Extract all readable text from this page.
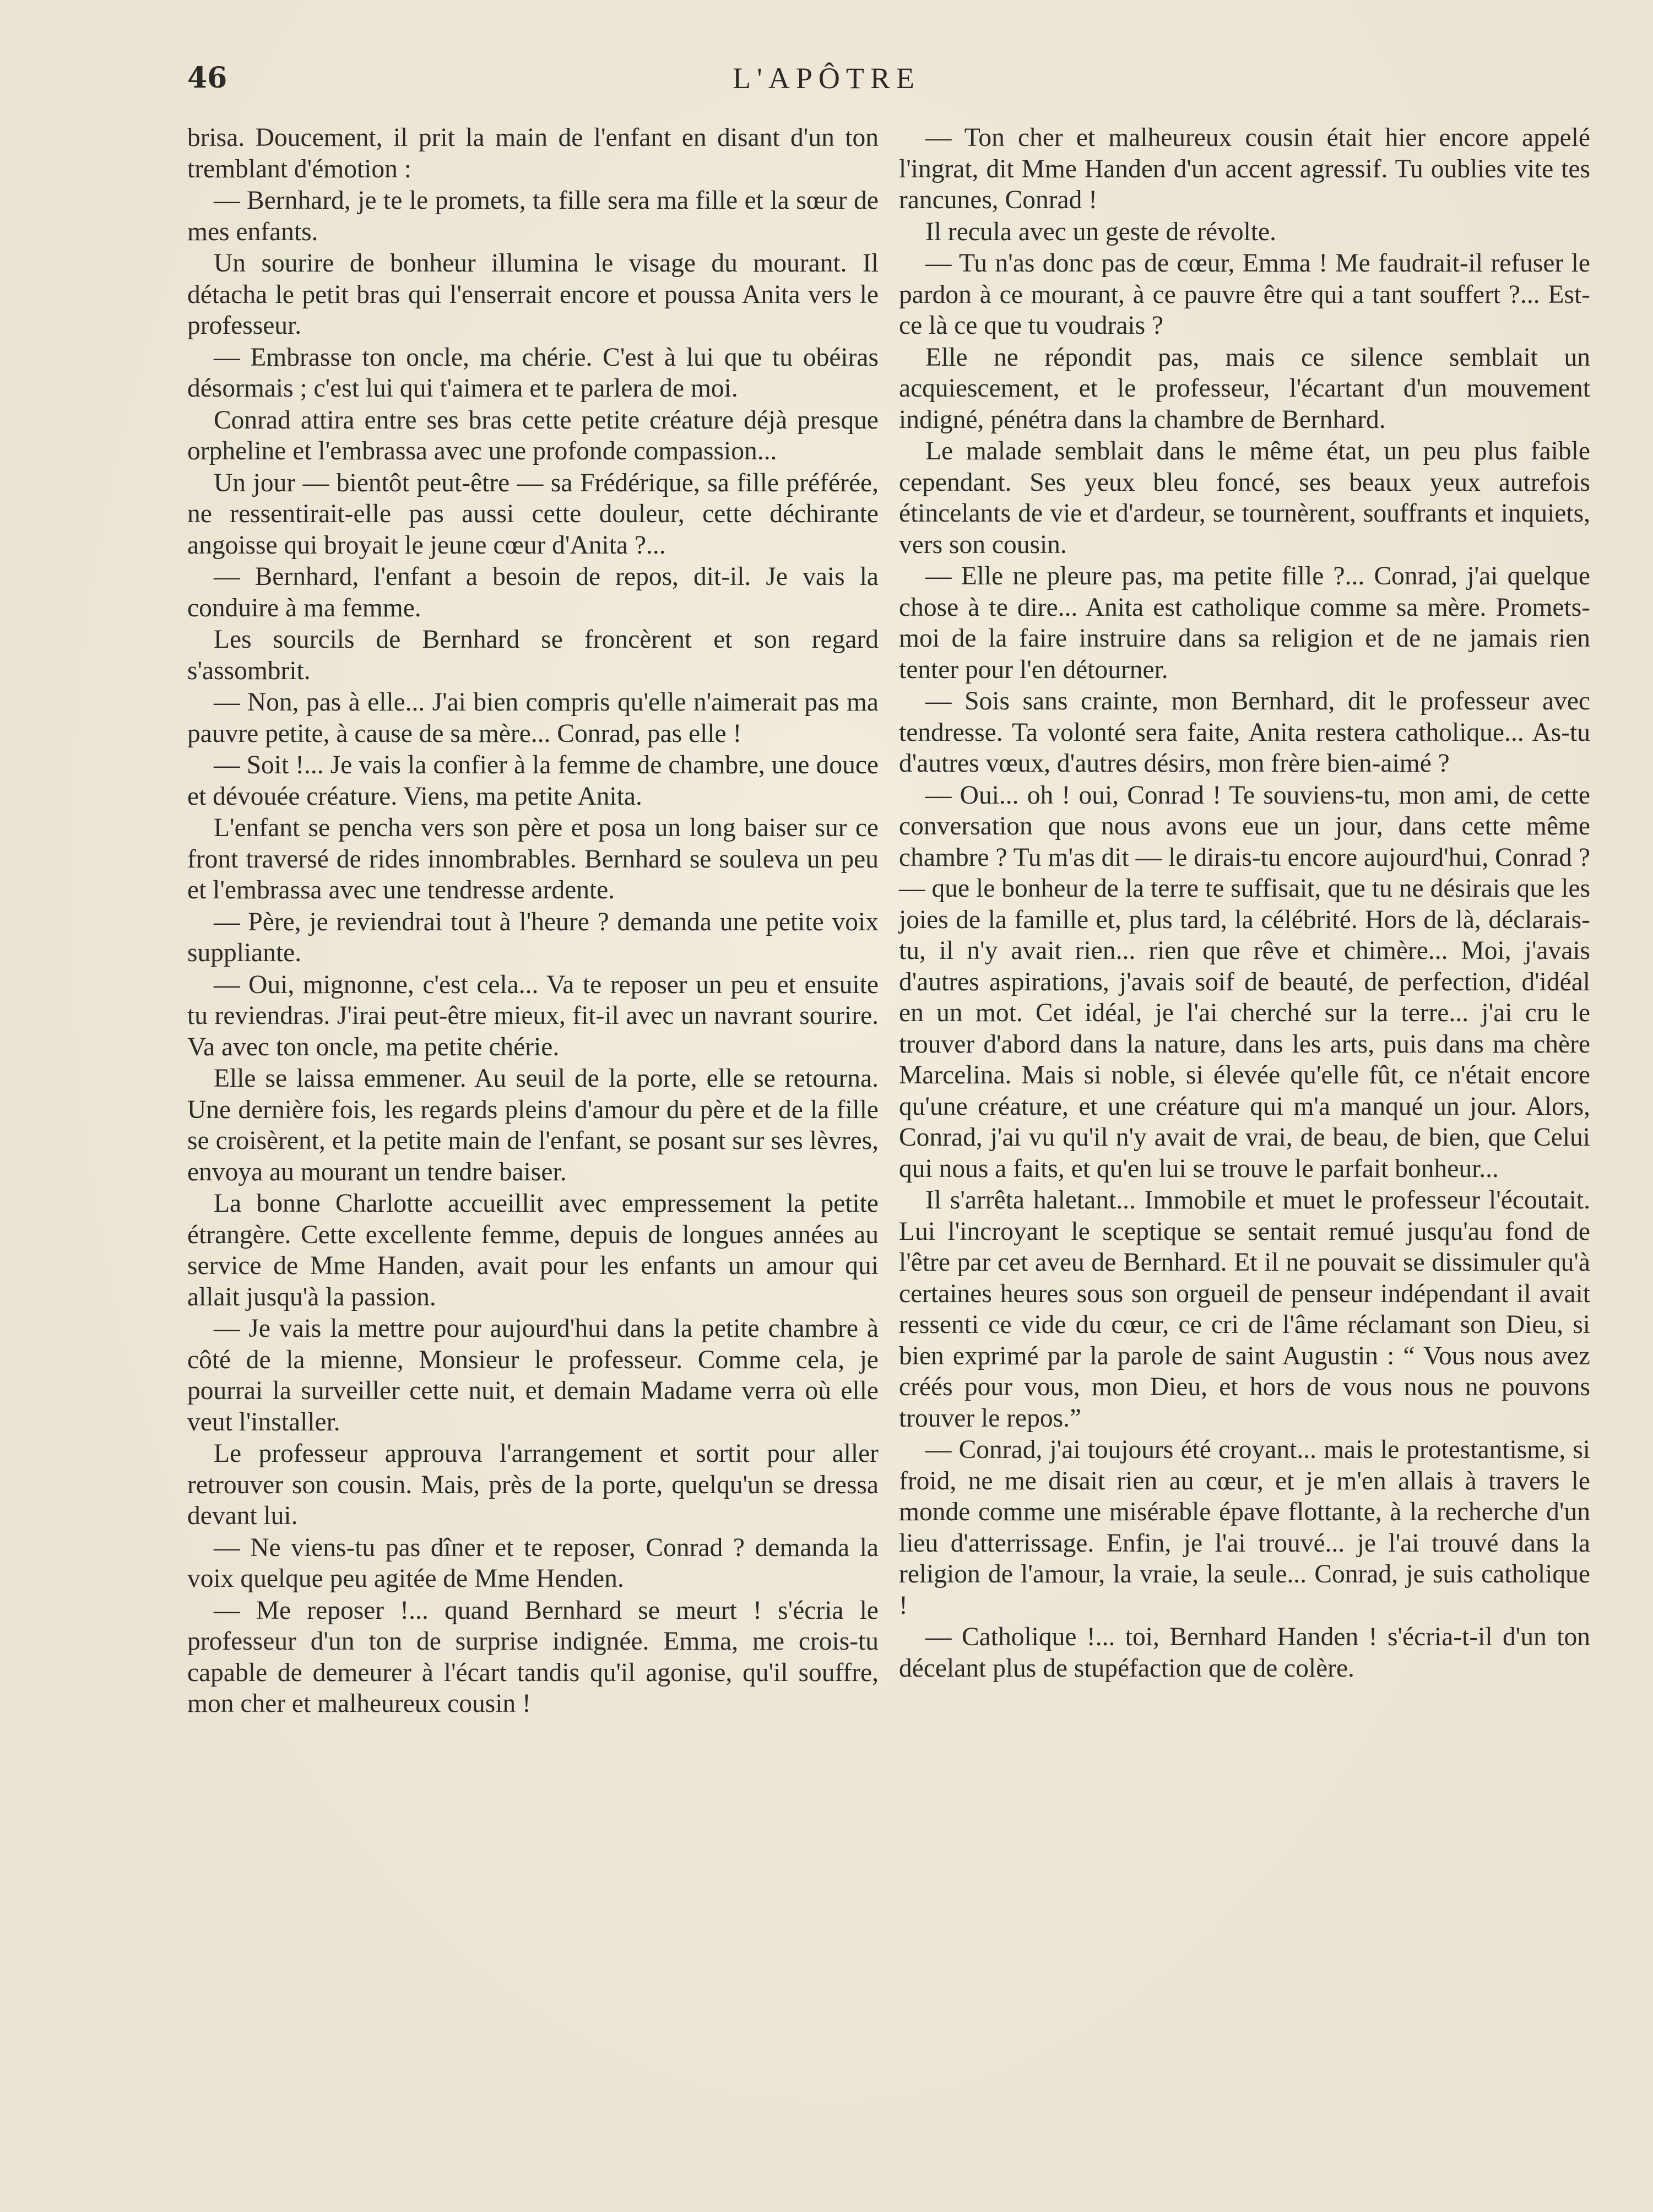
46	L'APÔTRE

brisa. Doucement, il prit la main de l'enfant en disant d'un ton tremblant d'émotion :

— Bernhard, je te le promets, ta fille sera ma fille et la sœur de mes enfants.

Un sourire de bonheur illumina le visage du mourant. Il détacha le petit bras qui l'enserrait encore et poussa Anita vers le professeur.

— Embrasse ton oncle, ma chérie. C'est à lui que tu obéiras désormais ; c'est lui qui t'aimera et te parlera de moi.

Conrad attira entre ses bras cette petite créature déjà presque orpheline et l'embrassa avec une profonde compassion...

Un jour — bientôt peut-être — sa Frédérique, sa fille préférée, ne ressentirait-elle pas aussi cette douleur, cette déchirante angoisse qui broyait le jeune cœur d'Anita ?...

— Bernhard, l'enfant a besoin de repos, dit-il. Je vais la conduire à ma femme.

Les sourcils de Bernhard se froncèrent et son regard s'assombrit.

— Non, pas à elle... J'ai bien compris qu'elle n'aimerait pas ma pauvre petite, à cause de sa mère... Conrad, pas elle !

— Soit !... Je vais la confier à la femme de chambre, une douce et dévouée créature. Viens, ma petite Anita.

L'enfant se pencha vers son père et posa un long baiser sur ce front traversé de rides innombrables. Bernhard se souleva un peu et l'embrassa avec une tendresse ardente.

— Père, je reviendrai tout à l'heure ? demanda une petite voix suppliante.

— Oui, mignonne, c'est cela... Va te reposer un peu et ensuite tu reviendras. J'irai peut-être mieux, fit-il avec un navrant sourire. Va avec ton oncle, ma petite chérie.

Elle se laissa emmener. Au seuil de la porte, elle se retourna. Une dernière fois, les regards pleins d'amour du père et de la fille se croisèrent, et la petite main de l'enfant, se posant sur ses lèvres, envoya au mourant un tendre baiser.

La bonne Charlotte accueillit avec empressement la petite étrangère. Cette excellente femme, depuis de longues années au service de Mme Handen, avait pour les enfants un amour qui allait jusqu'à la passion.

— Je vais la mettre pour aujourd'hui dans la petite chambre à côté de la mienne, Monsieur le professeur. Comme cela, je pourrai la surveiller cette nuit, et demain Madame verra où elle veut l'installer.

Le professeur approuva l'arrangement et sortit pour aller retrouver son cousin. Mais, près de la porte, quelqu'un se dressa devant lui.

— Ne viens-tu pas dîner et te reposer, Conrad ? demanda la voix quelque peu agitée de Mme Henden.

— Me reposer !... quand Bernhard se meurt ! s'écria le professeur d'un ton de surprise indignée. Emma, me crois-tu capable de demeurer à l'écart tandis qu'il agonise, qu'il souffre, mon cher et malheureux cousin !

— Ton cher et malheureux cousin était hier encore appelé l'ingrat, dit Mme Handen d'un accent agressif. Tu oublies vite tes rancunes, Conrad !

Il recula avec un geste de révolte.

— Tu n'as donc pas de cœur, Emma ! Me faudrait-il refuser le pardon à ce mourant, à ce pauvre être qui a tant souffert ?... Est-ce là ce que tu voudrais ?

Elle ne répondit pas, mais ce silence semblait un acquiescement, et le professeur, l'écartant d'un mouvement indigné, pénétra dans la chambre de Bernhard.

Le malade semblait dans le même état, un peu plus faible cependant. Ses yeux bleu foncé, ses beaux yeux autrefois étincelants de vie et d'ardeur, se tournèrent, souffrants et inquiets, vers son cousin.

— Elle ne pleure pas, ma petite fille ?... Conrad, j'ai quelque chose à te dire... Anita est catholique comme sa mère. Promets-moi de la faire instruire dans sa religion et de ne jamais rien tenter pour l'en détourner.

— Sois sans crainte, mon Bernhard, dit le professeur avec tendresse. Ta volonté sera faite, Anita restera catholique... As-tu d'autres vœux, d'autres désirs, mon frère bien-aimé ?

— Oui... oh ! oui, Conrad ! Te souviens-tu, mon ami, de cette conversation que nous avons eue un jour, dans cette même chambre ? Tu m'as dit — le dirais-tu encore aujourd'hui, Conrad ? — que le bonheur de la terre te suffisait, que tu ne désirais que les joies de la famille et, plus tard, la célébrité. Hors de là, déclarais-tu, il n'y avait rien... rien que rêve et chimère... Moi, j'avais d'autres aspirations, j'avais soif de beauté, de perfection, d'idéal en un mot. Cet idéal, je l'ai cherché sur la terre... j'ai cru le trouver d'abord dans la nature, dans les arts, puis dans ma chère Marcelina. Mais si noble, si élevée qu'elle fût, ce n'était encore qu'une créature, et une créature qui m'a manqué un jour. Alors, Conrad, j'ai vu qu'il n'y avait de vrai, de beau, de bien, que Celui qui nous a faits, et qu'en lui se trouve le parfait bonheur...

Il s'arrêta haletant... Immobile et muet le professeur l'écoutait. Lui l'incroyant le sceptique se sentait remué jusqu'au fond de l'être par cet aveu de Bernhard. Et il ne pouvait se dissimuler qu'à certaines heures sous son orgueil de penseur indépendant il avait ressenti ce vide du cœur, ce cri de l'âme réclamant son Dieu, si bien exprimé par la parole de saint Augustin : “ Vous nous avez créés pour vous, mon Dieu, et hors de vous nous ne pouvons trouver le repos.”

— Conrad, j'ai toujours été croyant... mais le protestantisme, si froid, ne me disait rien au cœur, et je m'en allais à travers le monde comme une misérable épave flottante, à la recherche d'un lieu d'atterrissage. Enfin, je l'ai trouvé... je l'ai trouvé dans la religion de l'amour, la vraie, la seule... Conrad, je suis catholique !

— Catholique !... toi, Bernhard Handen ! s'écria-t-il d'un ton décelant plus de stupéfaction que de colère.
